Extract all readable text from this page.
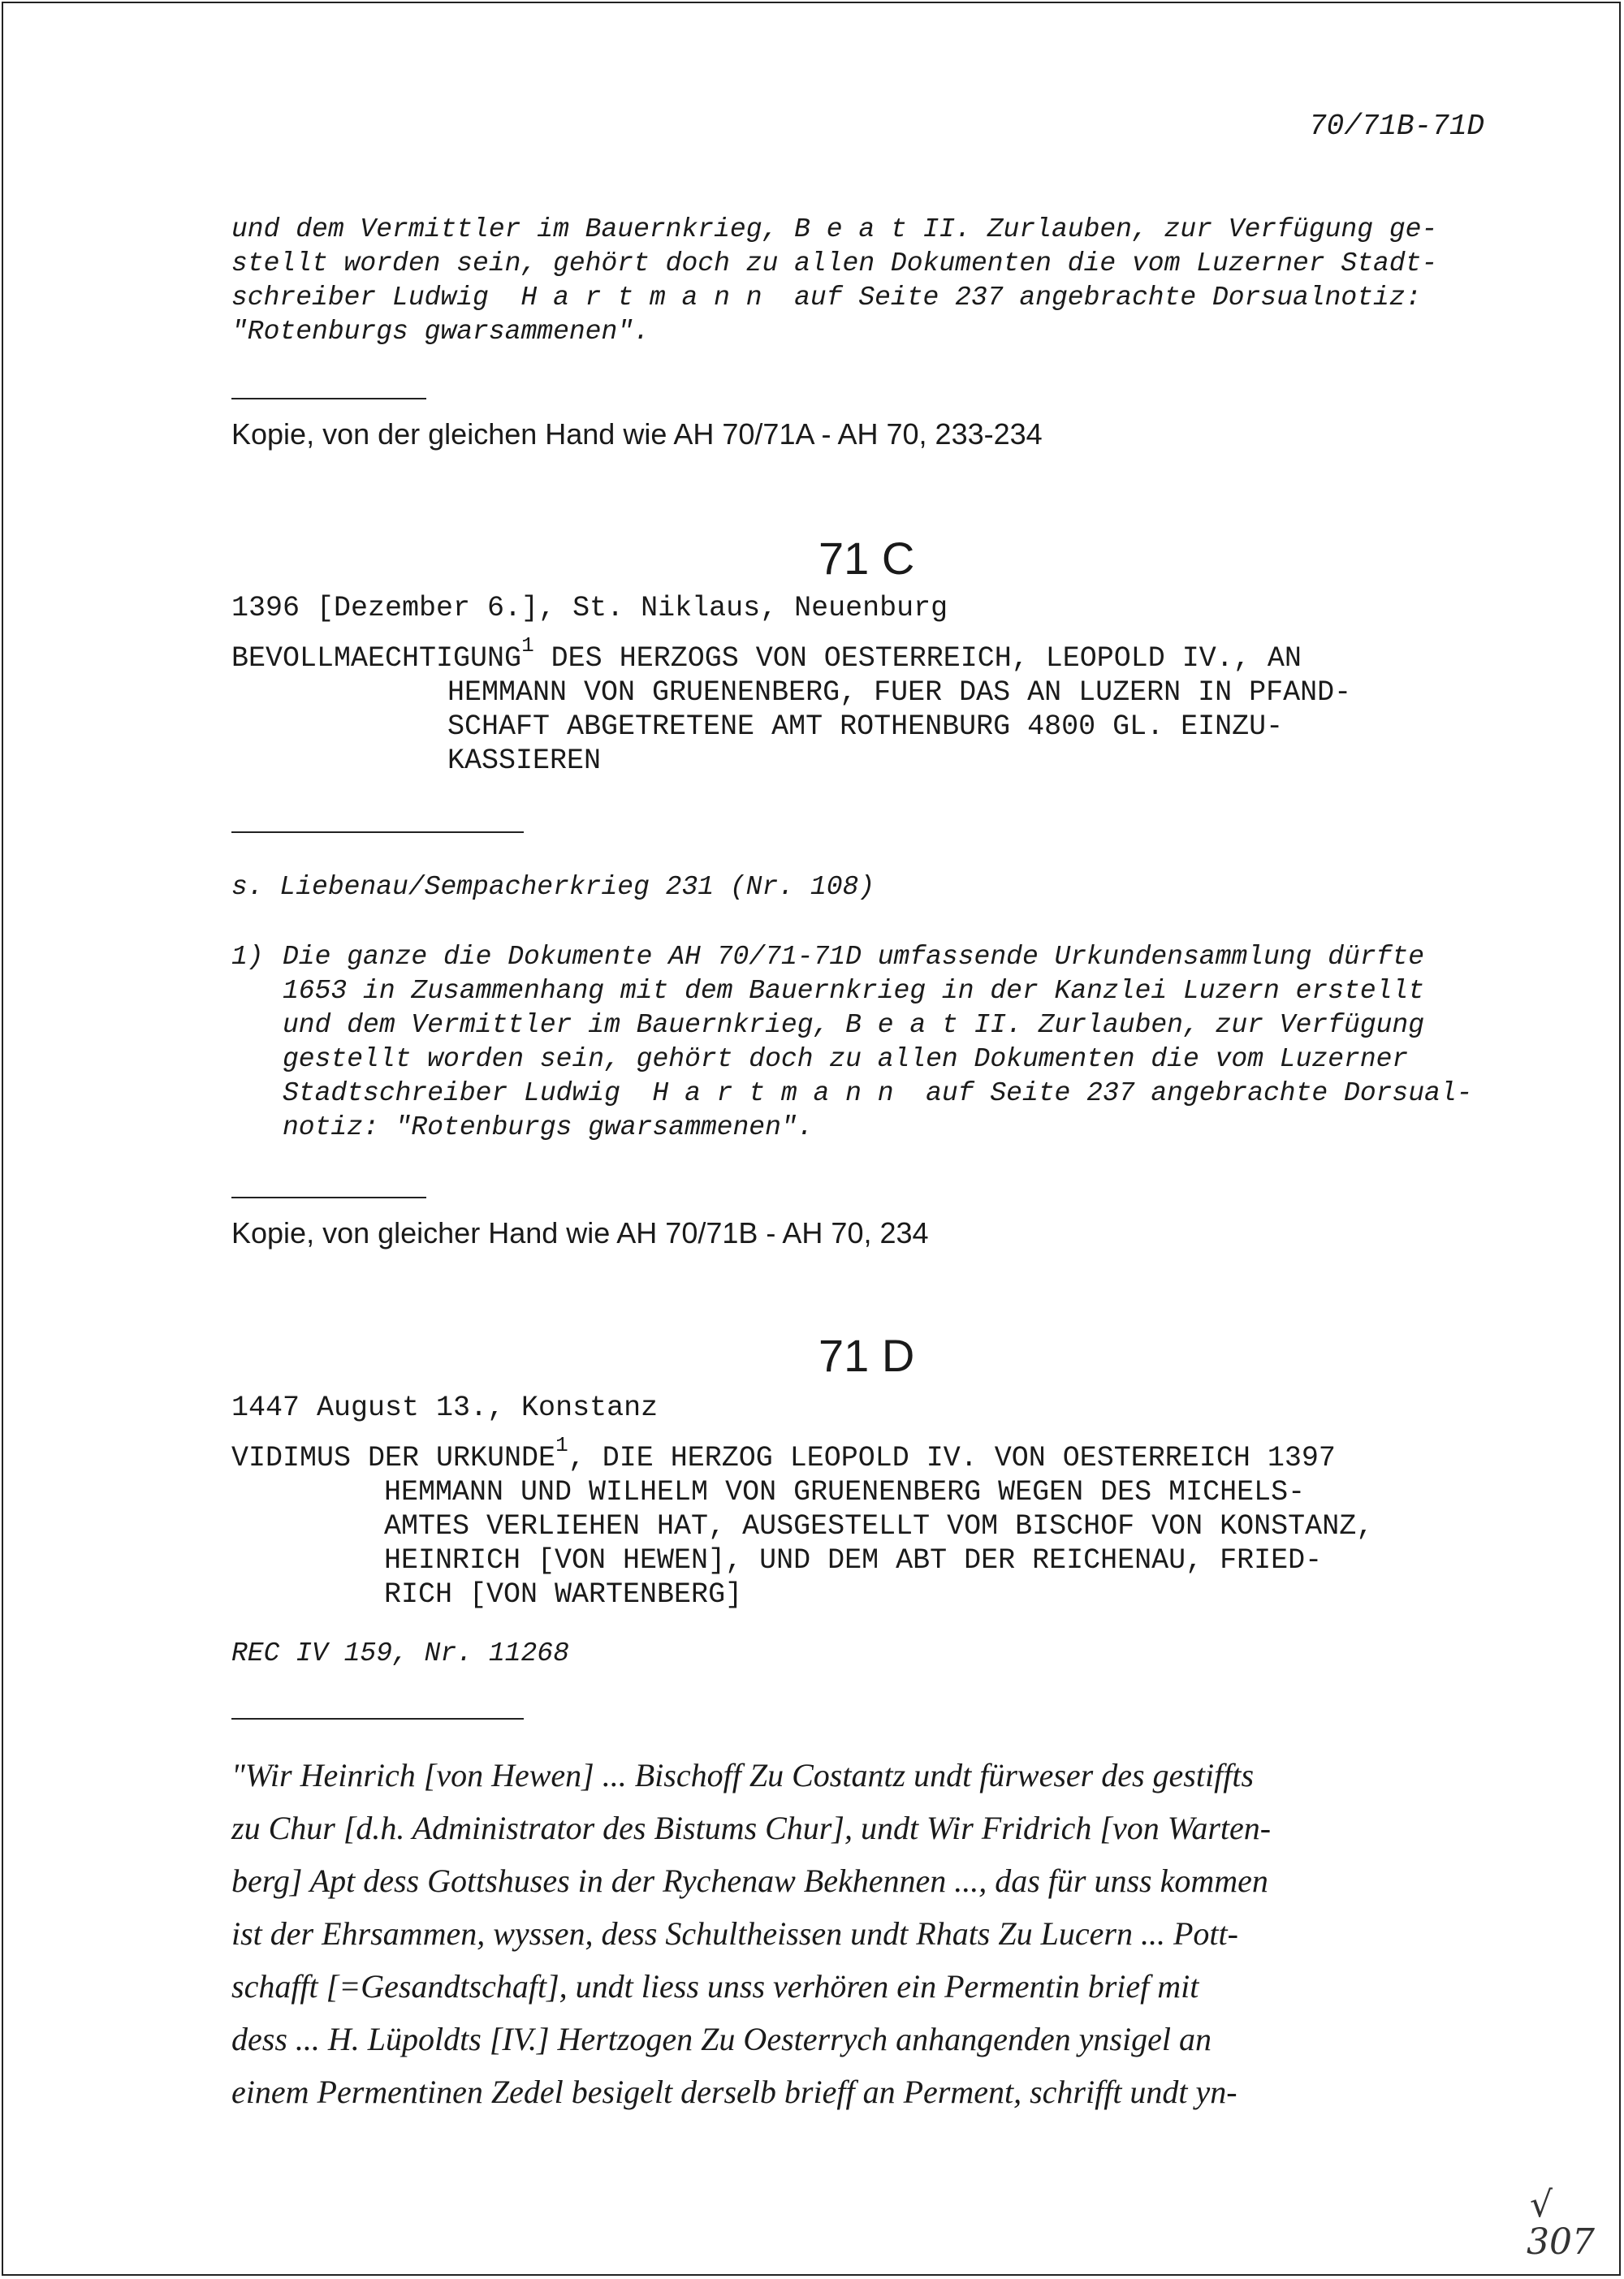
70/71B-71D
und dem Vermittler im Bauernkrieg, B e a t II. Zurlauben, zur Verfügung ge-
stellt worden sein, gehört doch zu allen Dokumenten die vom Luzerner Stadt-
schreiber Ludwig  H a r t m a n n  auf Seite 237 angebrachte Dorsualnotiz:
"Rotenburgs gwarsammenen".
Kopie, von der gleichen Hand wie AH 70/71A - AH 70, 233-234
71 C
1396 [Dezember 6.], St. Niklaus, Neuenburg
BEVOLLMAECHTIGUNG$^1$ DES HERZOGS VON OESTERREICH, LEOPOLD IV., AN
HEMMANN VON GRUENENBERG, FUER DAS AN LUZERN IN PFAND-
SCHAFT ABGETRETENE AMT ROTHENBURG 4800 GL. EINZU-
KASSIEREN
s. Liebenau/Sempacherkrieg 231 (Nr. 108)
1) Die ganze die Dokumente AH 70/71-71D umfassende Urkundensammlung dürfte
1653 in Zusammenhang mit dem Bauernkrieg in der Kanzlei Luzern erstellt
und dem Vermittler im Bauernkrieg, B e a t II. Zurlauben, zur Verfügung
gestellt worden sein, gehört doch zu allen Dokumenten die vom Luzerner
Stadtschreiber Ludwig  H a r t m a n n  auf Seite 237 angebrachte Dorsual-
notiz: "Rotenburgs gwarsammenen".
Kopie, von gleicher Hand wie AH 70/71B - AH 70, 234
71 D
1447 August 13., Konstanz
VIDIMUS DER URKUNDE$^1$, DIE HERZOG LEOPOLD IV. VON OESTERREICH 1397
HEMMANN UND WILHELM VON GRUENENBERG WEGEN DES MICHELS-
AMTES VERLIEHEN HAT, AUSGESTELLT VOM BISCHOF VON KONSTANZ,
HEINRICH [VON HEWEN], UND DEM ABT DER REICHENAU, FRIED-
RICH [VON WARTENBERG]
REC IV 159, Nr. 11268
"Wir Heinrich [von Hewen] ... Bischoff Zu Costantz undt fürweser des gestiffts
zu Chur [d.h. Administrator des Bistums Chur], undt Wir Fridrich [von Warten-
berg] Apt dess Gottshuses in der Rychenaw Bekhennen ..., das für unss kommen
ist der Ehrsammen, wyssen, dess Schultheissen undt Rhats Zu Lucern ... Pott-
schafft [=Gesandtschaft], undt liess unss verhören ein Permentin brief mit
dess ... H. Lüpoldts [IV.] Hertzogen Zu Oesterrych anhangenden ynsigel an
einem Permentinen Zedel besigelt derselb brieff an Perment, schrifft undt yn-
√
307
